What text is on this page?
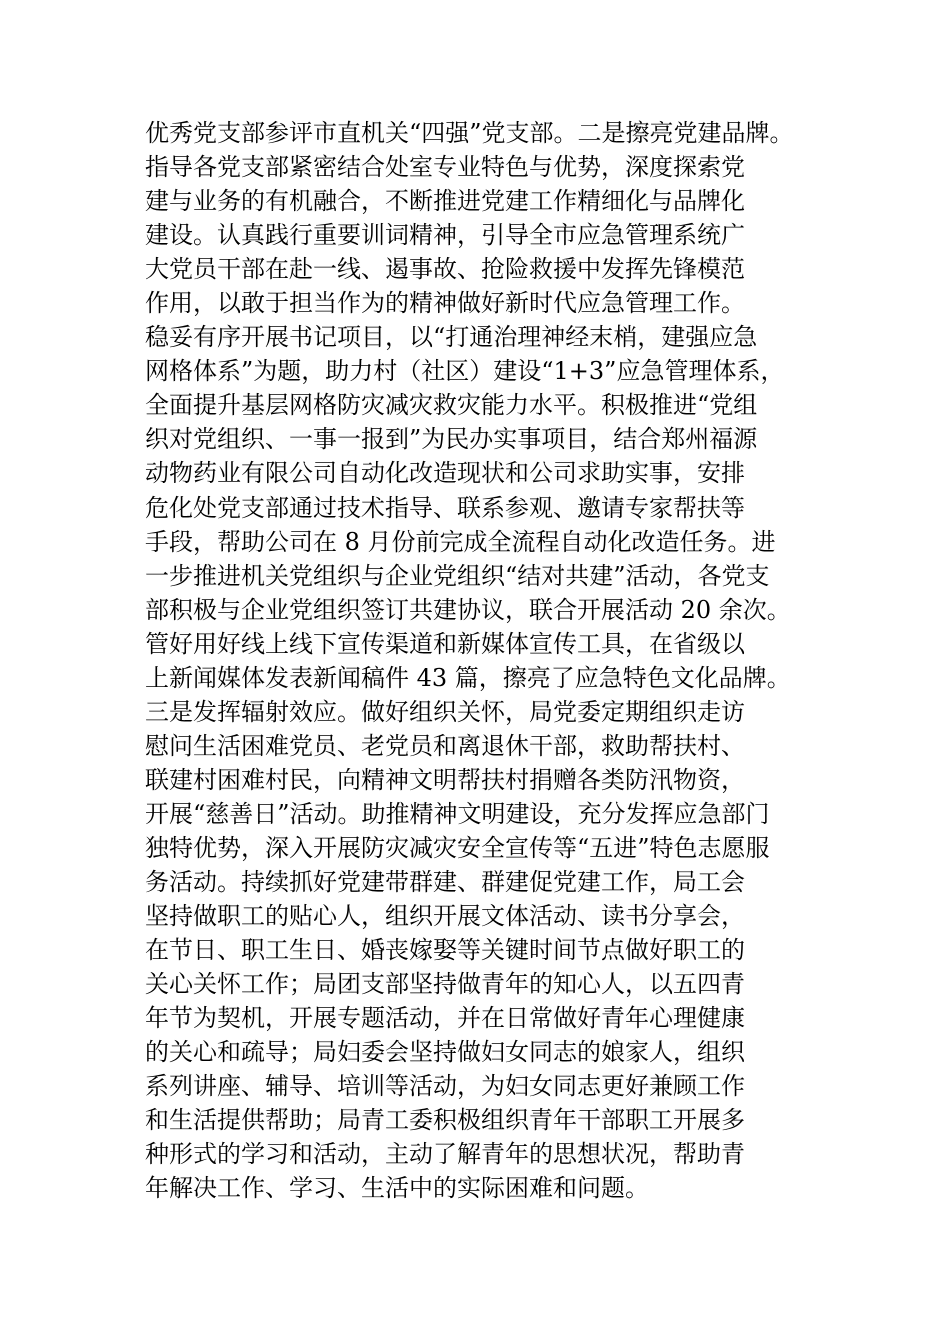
优秀党支部参评市直机关“四强”党支部。二是擦亮党建品牌。
指导各党支部紧密结合处室专业特色与优势，深度探索党
建与业务的有机融合，不断推进党建工作精细化与品牌化
建设。认真践行重要训词精神，引导全市应急管理系统广
大党员干部在赴一线、遏事故、抢险救援中发挥先锋模范
作用，以敢于担当作为的精神做好新时代应急管理工作。
稳妥有序开展书记项目，以“打通治理神经末梢，建强应急
网格体系”为题，助力村（社区）建设“1+3”应急管理体系，
全面提升基层网格防灾减灾救灾能力水平。积极推进“党组
织对党组织、一事一报到”为民办实事项目，结合郑州福源
动物药业有限公司自动化改造现状和公司求助实事，安排
危化处党支部通过技术指导、联系参观、邀请专家帮扶等
手段，帮助公司在 8 月份前完成全流程自动化改造任务。进
一步推进机关党组织与企业党组织“结对共建”活动，各党支
部积极与企业党组织签订共建协议，联合开展活动 20 余次。
管好用好线上线下宣传渠道和新媒体宣传工具，在省级以
上新闻媒体发表新闻稿件 43 篇，擦亮了应急特色文化品牌。
三是发挥辐射效应。做好组织关怀，局党委定期组织走访
慰问生活困难党员、老党员和离退休干部，救助帮扶村、
联建村困难村民，向精神文明帮扶村捐赠各类防汛物资，
开展“慈善日”活动。助推精神文明建设，充分发挥应急部门
独特优势，深入开展防灾减灾安全宣传等“五进”特色志愿服
务活动。持续抓好党建带群建、群建促党建工作，局工会
坚持做职工的贴心人，组织开展文体活动、读书分享会，
在节日、职工生日、婚丧嫁娶等关键时间节点做好职工的
关心关怀工作；局团支部坚持做青年的知心人，以五四青
年节为契机，开展专题活动，并在日常做好青年心理健康
的关心和疏导；局妇委会坚持做妇女同志的娘家人，组织
系列讲座、辅导、培训等活动，为妇女同志更好兼顾工作
和生活提供帮助；局青工委积极组织青年干部职工开展多
种形式的学习和活动，主动了解青年的思想状况，帮助青
年解决工作、学习、生活中的实际困难和问题。
